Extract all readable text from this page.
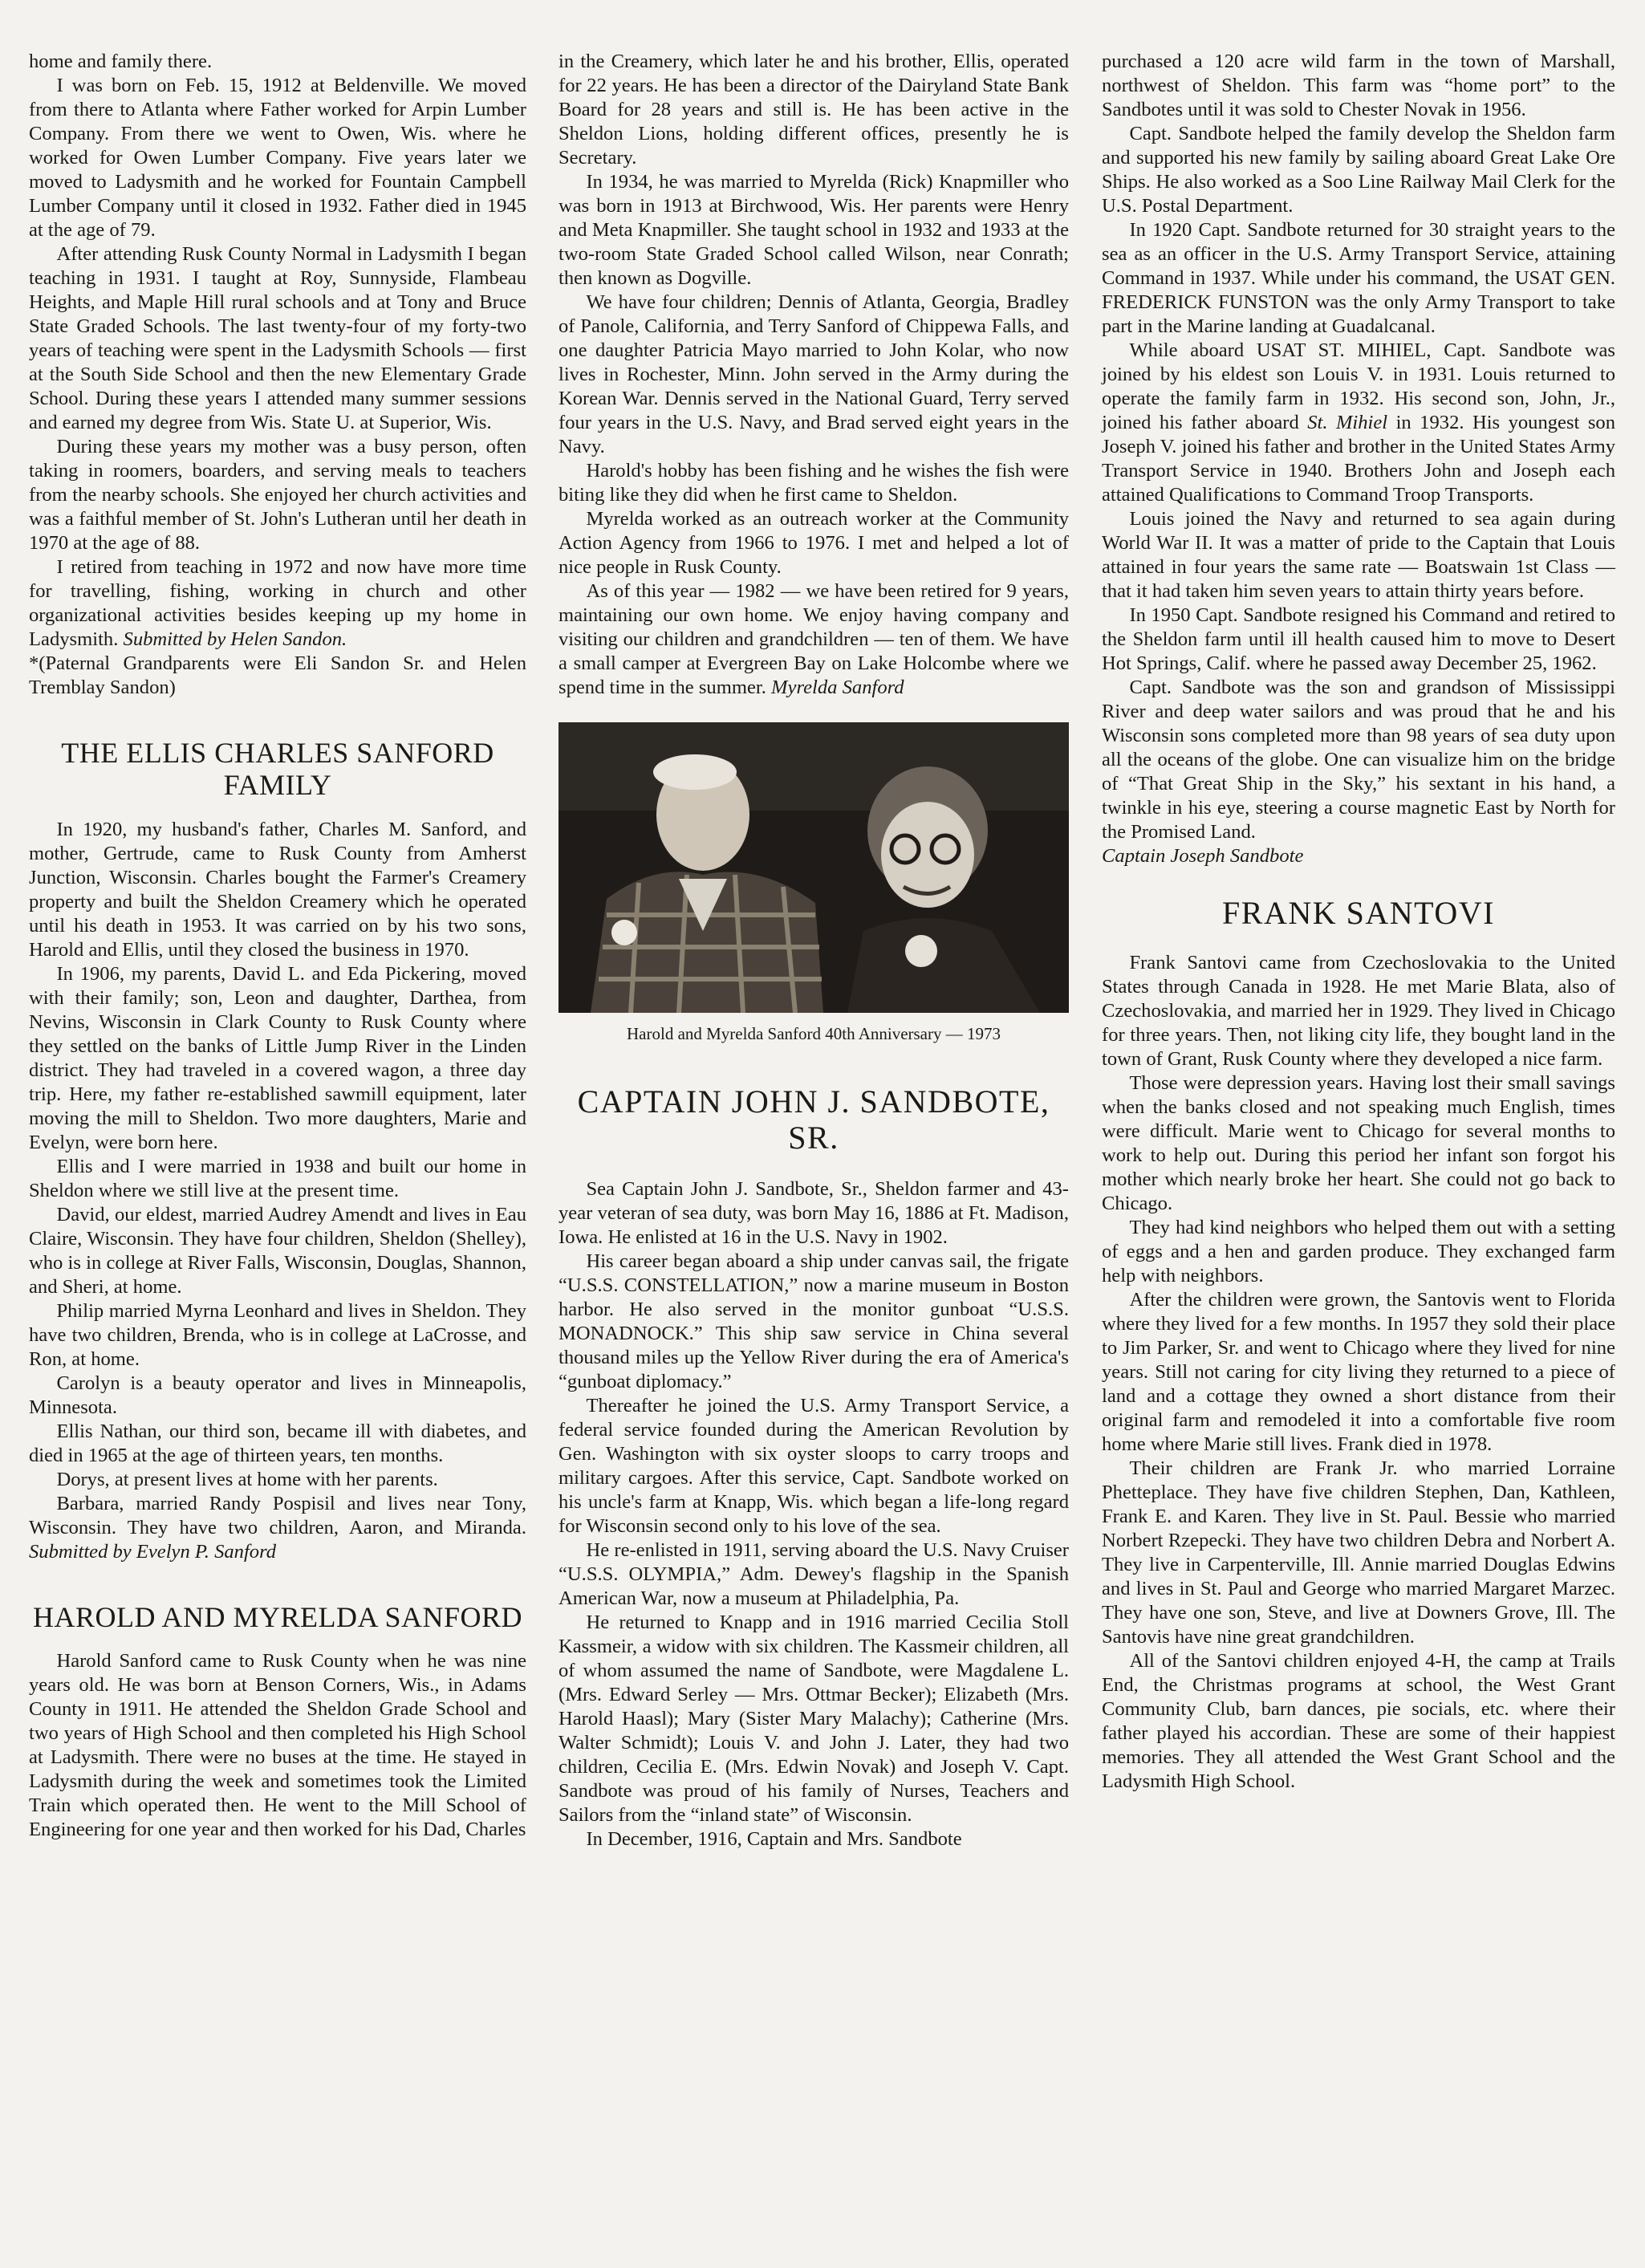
home and family there.

I was born on Feb. 15, 1912 at Beldenville. We moved from there to Atlanta where Father worked for Arpin Lumber Company. From there we went to Owen, Wis. where he worked for Owen Lumber Company. Five years later we moved to Ladysmith and he worked for Fountain Campbell Lumber Company until it closed in 1932. Father died in 1945 at the age of 79.

After attending Rusk County Normal in Ladysmith I began teaching in 1931. I taught at Roy, Sunnyside, Flambeau Heights, and Maple Hill rural schools and at Tony and Bruce State Graded Schools. The last twenty-four of my forty-two years of teaching were spent in the Ladysmith Schools — first at the South Side School and then the new Elementary Grade School. During these years I attended many summer sessions and earned my degree from Wis. State U. at Superior, Wis.

During these years my mother was a busy person, often taking in roomers, boarders, and serving meals to teachers from the nearby schools. She enjoyed her church activities and was a faithful member of St. John's Lutheran until her death in 1970 at the age of 88.

I retired from teaching in 1972 and now have more time for travelling, fishing, working in church and other organizational activities besides keeping up my home in Ladysmith. Submitted by Helen Sandon.

*(Paternal Grandparents were Eli Sandon Sr. and Helen Tremblay Sandon)

THE ELLIS CHARLES SANFORD FAMILY

In 1920, my husband's father, Charles M. Sanford, and mother, Gertrude, came to Rusk County from Amherst Junction, Wisconsin. Charles bought the Farmer's Creamery property and built the Sheldon Creamery which he operated until his death in 1953. It was carried on by his two sons, Harold and Ellis, until they closed the business in 1970.

In 1906, my parents, David L. and Eda Pickering, moved with their family; son, Leon and daughter, Darthea, from Nevins, Wisconsin in Clark County to Rusk County where they settled on the banks of Little Jump River in the Linden district. They had traveled in a covered wagon, a three day trip. Here, my father re-established sawmill equipment, later moving the mill to Sheldon. Two more daughters, Marie and Evelyn, were born here.

Ellis and I were married in 1938 and built our home in Sheldon where we still live at the present time.

David, our eldest, married Audrey Amendt and lives in Eau Claire, Wisconsin. They have four children, Sheldon (Shelley), who is in college at River Falls, Wisconsin, Douglas, Shannon, and Sheri, at home.

Philip married Myrna Leonhard and lives in Sheldon. They have two children, Brenda, who is in college at LaCrosse, and Ron, at home.

Carolyn is a beauty operator and lives in Minneapolis, Minnesota.

Ellis Nathan, our third son, became ill with diabetes, and died in 1965 at the age of thirteen years, ten months.

Dorys, at present lives at home with her parents.

Barbara, married Randy Pospisil and lives near Tony, Wisconsin. They have two children, Aaron, and Miranda. Submitted by Evelyn P. Sanford

HAROLD AND MYRELDA SANFORD

Harold Sanford came to Rusk County when he was nine years old. He was born at Benson Corners, Wis., in Adams County in 1911. He attended the Sheldon Grade School and two years of High School and then completed his High School at Ladysmith. There were no buses at the time. He stayed in Ladysmith during the week and sometimes took the Limited Train which operated then. He went to the Mill School of Engineering for one year and then worked for his Dad, Charles

in the Creamery, which later he and his brother, Ellis, operated for 22 years. He has been a director of the Dairyland State Bank Board for 28 years and still is. He has been active in the Sheldon Lions, holding different offices, presently he is Secretary.

In 1934, he was married to Myrelda (Rick) Knapmiller who was born in 1913 at Birchwood, Wis. Her parents were Henry and Meta Knapmiller. She taught school in 1932 and 1933 at the two-room State Graded School called Wilson, near Conrath; then known as Dogville.

We have four children; Dennis of Atlanta, Georgia, Bradley of Panole, California, and Terry Sanford of Chippewa Falls, and one daughter Patricia Mayo married to John Kolar, who now lives in Rochester, Minn. John served in the Army during the Korean War. Dennis served in the National Guard, Terry served four years in the U.S. Navy, and Brad served eight years in the Navy.

Harold's hobby has been fishing and he wishes the fish were biting like they did when he first came to Sheldon.

Myrelda worked as an outreach worker at the Community Action Agency from 1966 to 1976. I met and helped a lot of nice people in Rusk County.

As of this year — 1982 — we have been retired for 9 years, maintaining our own home. We enjoy having company and visiting our children and grandchildren — ten of them. We have a small camper at Evergreen Bay on Lake Holcombe where we spend time in the summer. Myrelda Sanford

Harold and Myrelda Sanford 40th Anniversary — 1973
CAPTAIN JOHN J. SANDBOTE, SR.

Sea Captain John J. Sandbote, Sr., Sheldon farmer and 43-year veteran of sea duty, was born May 16, 1886 at Ft. Madison, Iowa. He enlisted at 16 in the U.S. Navy in 1902.

His career began aboard a ship under canvas sail, the frigate “U.S.S. CONSTELLATION,” now a marine museum in Boston harbor. He also served in the monitor gunboat “U.S.S. MONADNOCK.” This ship saw service in China several thousand miles up the Yellow River during the era of America's “gunboat diplomacy.”

Thereafter he joined the U.S. Army Transport Service, a federal service founded during the American Revolution by Gen. Washington with six oyster sloops to carry troops and military cargoes. After this service, Capt. Sandbote worked on his uncle's farm at Knapp, Wis. which began a life-long regard for Wisconsin second only to his love of the sea.

He re-enlisted in 1911, serving aboard the U.S. Navy Cruiser “U.S.S. OLYMPIA,” Adm. Dewey's flagship in the Spanish American War, now a museum at Philadelphia, Pa.

He returned to Knapp and in 1916 married Cecilia Stoll Kassmeir, a widow with six children. The Kassmeir children, all of whom assumed the name of Sandbote, were Magdalene L. (Mrs. Edward Serley — Mrs. Ottmar Becker); Elizabeth (Mrs. Harold Haasl); Mary (Sister Mary Malachy); Catherine (Mrs. Walter Schmidt); Louis V. and John J. Later, they had two children, Cecilia E. (Mrs. Edwin Novak) and Joseph V. Capt. Sandbote was proud of his family of Nurses, Teachers and Sailors from the “inland state” of Wisconsin.

In December, 1916, Captain and Mrs. Sandbote

purchased a 120 acre wild farm in the town of Marshall, northwest of Sheldon. This farm was “home port” to the Sandbotes until it was sold to Chester Novak in 1956.

Capt. Sandbote helped the family develop the Sheldon farm and supported his new family by sailing aboard Great Lake Ore Ships. He also worked as a Soo Line Railway Mail Clerk for the U.S. Postal Department.

In 1920 Capt. Sandbote returned for 30 straight years to the sea as an officer in the U.S. Army Transport Service, attaining Command in 1937. While under his command, the USAT GEN. FREDERICK FUNSTON was the only Army Transport to take part in the Marine landing at Guadalcanal.

While aboard USAT ST. MIHIEL, Capt. Sandbote was joined by his eldest son Louis V. in 1931. Louis returned to operate the family farm in 1932. His second son, John, Jr., joined his father aboard St. Mihiel in 1932. His youngest son Joseph V. joined his father and brother in the United States Army Transport Service in 1940. Brothers John and Joseph each attained Qualifications to Command Troop Transports.

Louis joined the Navy and returned to sea again during World War II. It was a matter of pride to the Captain that Louis attained in four years the same rate — Boatswain 1st Class — that it had taken him seven years to attain thirty years before.

In 1950 Capt. Sandbote resigned his Command and retired to the Sheldon farm until ill health caused him to move to Desert Hot Springs, Calif. where he passed away December 25, 1962.

Capt. Sandbote was the son and grandson of Mississippi River and deep water sailors and was proud that he and his Wisconsin sons completed more than 98 years of sea duty upon all the oceans of the globe. One can visualize him on the bridge of “That Great Ship in the Sky,” his sextant in his hand, a twinkle in his eye, steering a course magnetic East by North for the Promised Land.

Captain Joseph Sandbote

FRANK SANTOVI

Frank Santovi came from Czechoslovakia to the United States through Canada in 1928. He met Marie Blata, also of Czechoslovakia, and married her in 1929. They lived in Chicago for three years. Then, not liking city life, they bought land in the town of Grant, Rusk County where they developed a nice farm.

Those were depression years. Having lost their small savings when the banks closed and not speaking much English, times were difficult. Marie went to Chicago for several months to work to help out. During this period her infant son forgot his mother which nearly broke her heart. She could not go back to Chicago.

They had kind neighbors who helped them out with a setting of eggs and a hen and garden produce. They exchanged farm help with neighbors.

After the children were grown, the Santovis went to Florida where they lived for a few months. In 1957 they sold their place to Jim Parker, Sr. and went to Chicago where they lived for nine years. Still not caring for city living they returned to a piece of land and a cottage they owned a short distance from their original farm and remodeled it into a comfortable five room home where Marie still lives. Frank died in 1978.

Their children are Frank Jr. who married Lorraine Phetteplace. They have five children Stephen, Dan, Kathleen, Frank E. and Karen. They live in St. Paul. Bessie who married Norbert Rzepecki. They have two children Debra and Norbert A. They live in Carpenterville, Ill. Annie married Douglas Edwins and lives in St. Paul and George who married Margaret Marzec. They have one son, Steve, and live at Downers Grove, Ill. The Santovis have nine great grandchildren.

All of the Santovi children enjoyed 4-H, the camp at Trails End, the Christmas programs at school, the West Grant Community Club, barn dances, pie socials, etc. where their father played his accordian. These are some of their happiest memories. They all attended the West Grant School and the Ladysmith High School.
